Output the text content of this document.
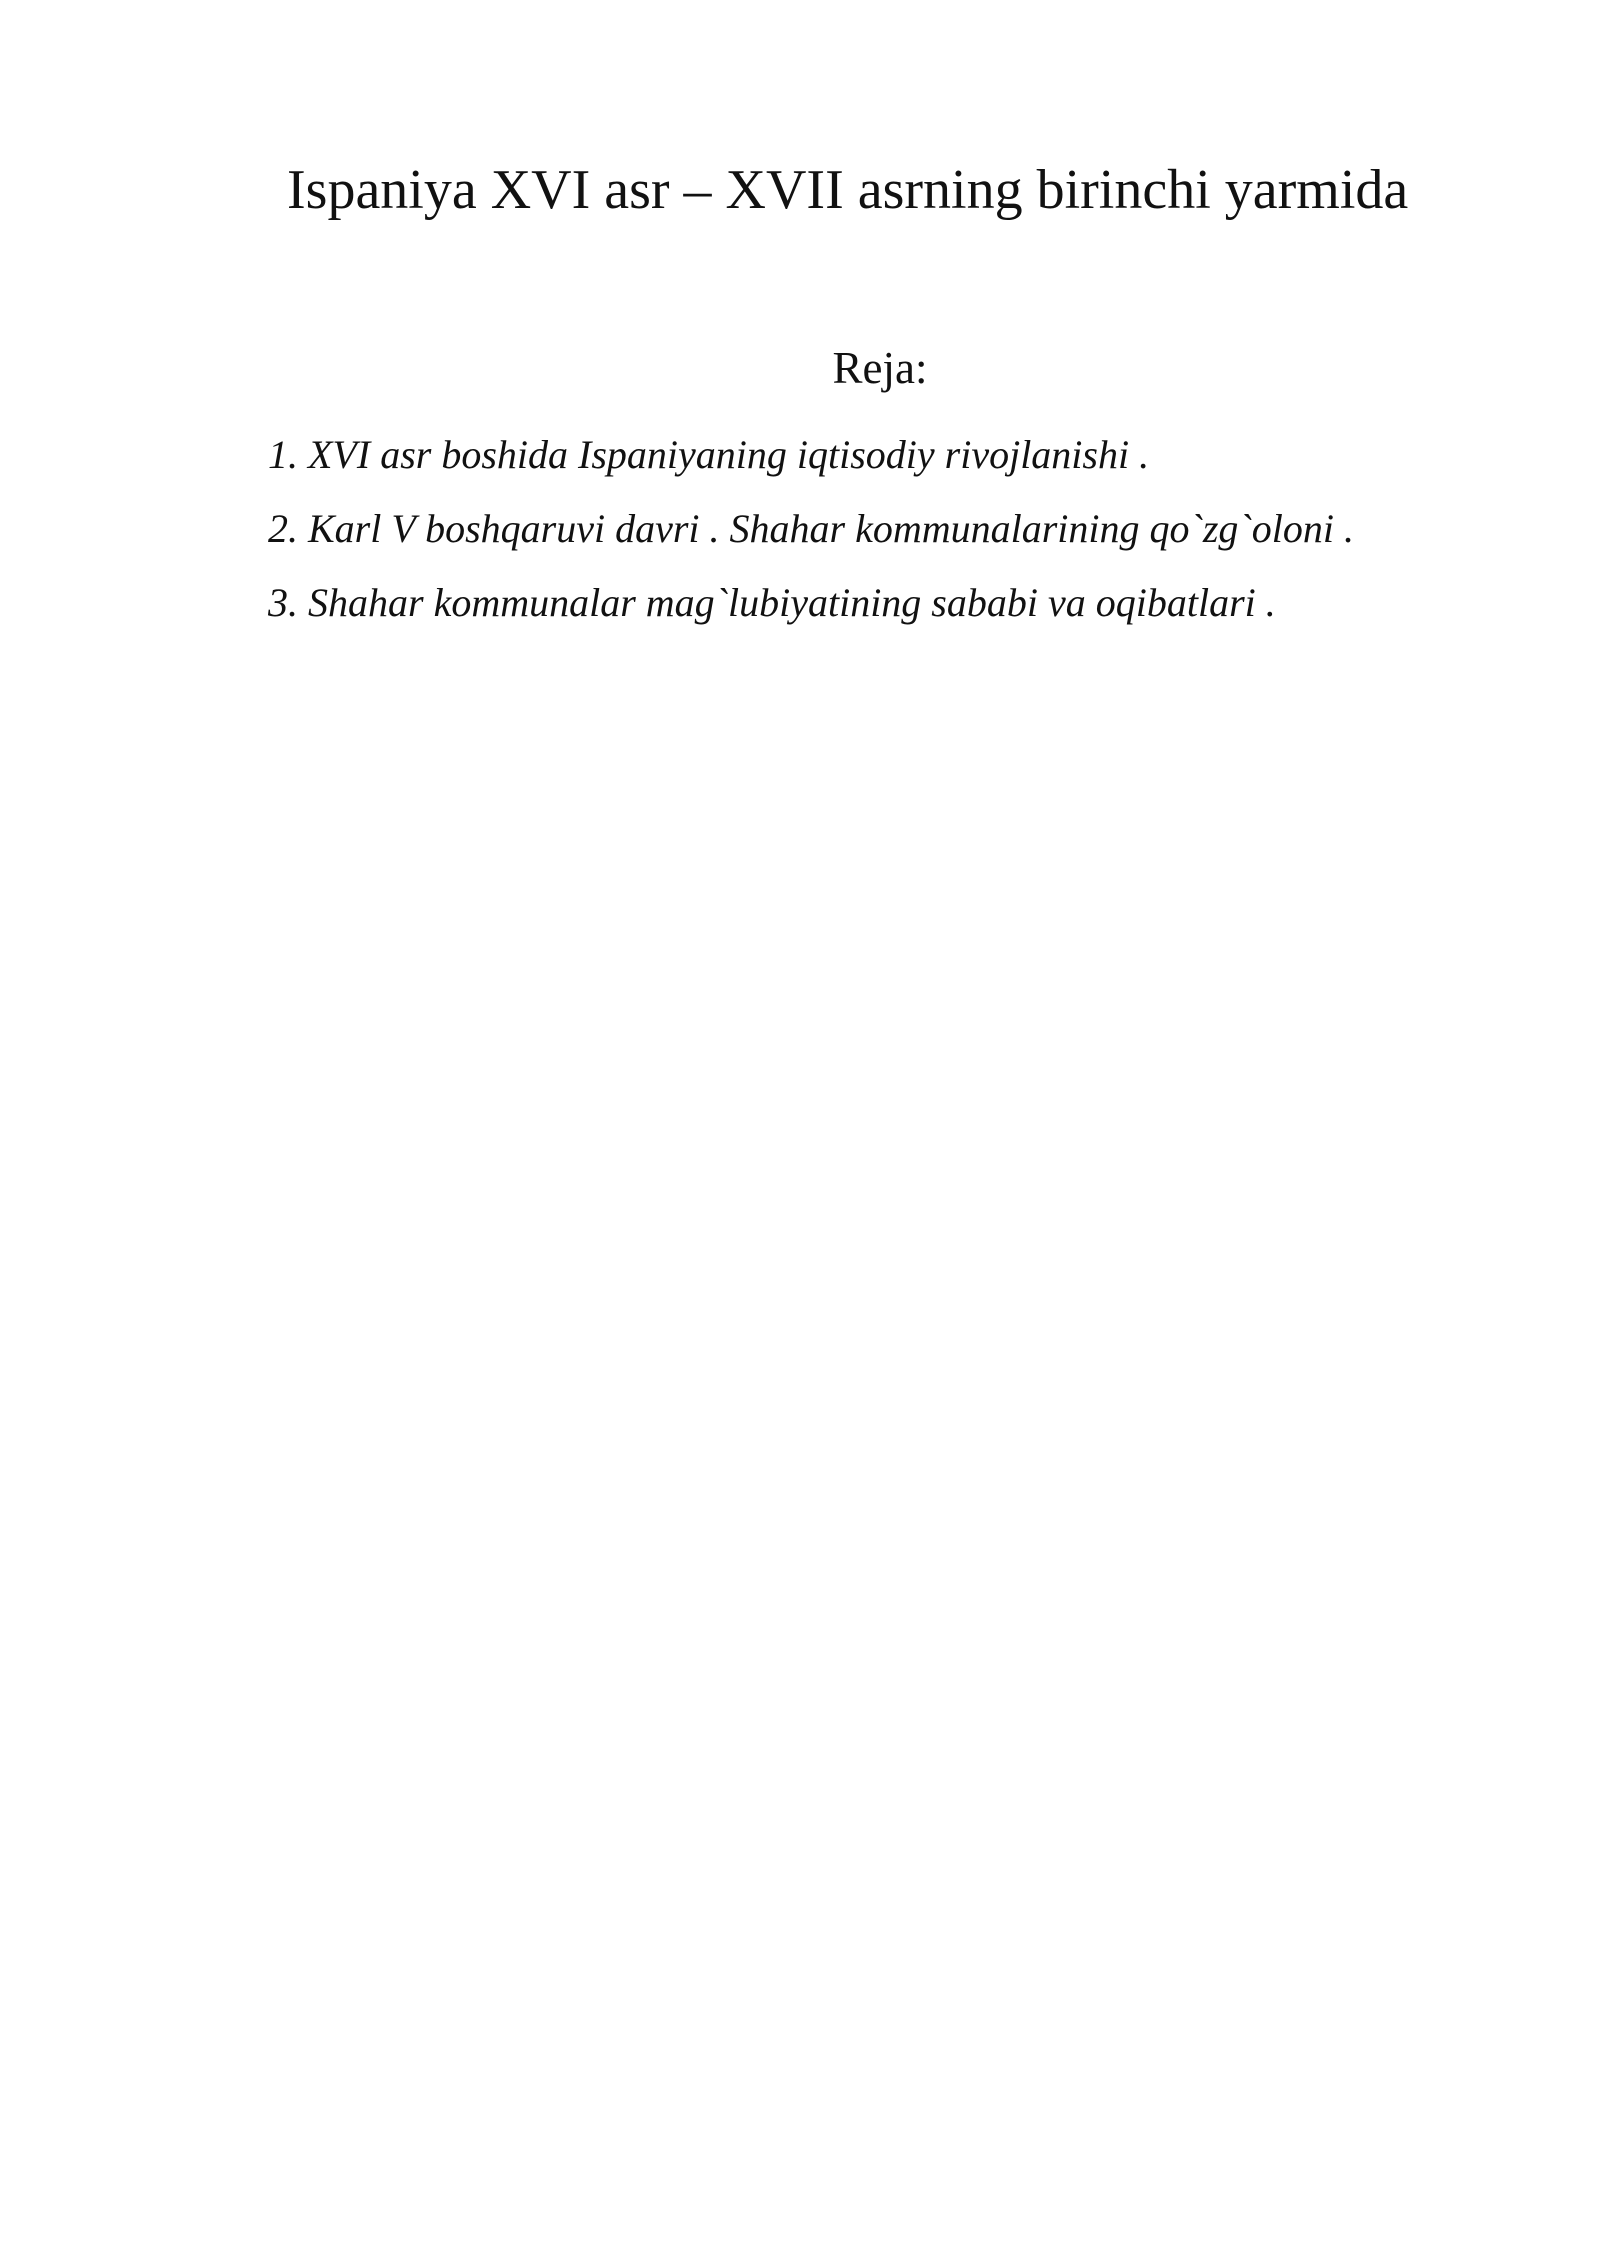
Ispaniya XVI asr – XVII asrning birinchi yarmida
Reja:
1. XVI asr boshida Ispaniyaning iqtisodiy rivojlanishi .
2. Karl V boshqaruvi davri . Shahar kommunalarining qo`zg`oloni .
3. Shahar kommunalar mag`lubiyatining sababi va oqibatlari .
